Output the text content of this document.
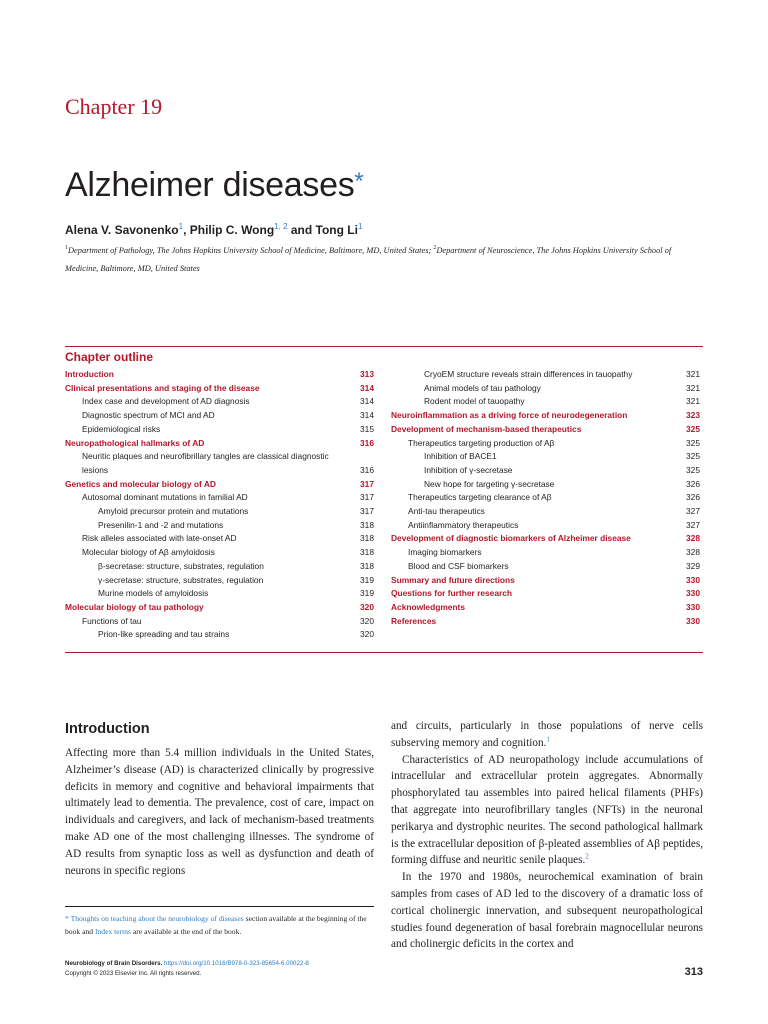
Chapter 19
Alzheimer diseases*
Alena V. Savonenko$^1$, Philip C. Wong$^{1, 2}$ and Tong Li$^1$
$^1$Department of Pathology, The Johns Hopkins University School of Medicine, Baltimore, MD, United States; $^2$Department of Neuroscience, The Johns Hopkins University School of Medicine, Baltimore, MD, United States
Chapter outline
Introduction	313
Clinical presentations and staging of the disease	314
Index case and development of AD diagnosis	314
Diagnostic spectrum of MCI and AD	314
Epidemiological risks	315
Neuropathological hallmarks of AD	316
Neuritic plaques and neurofibrillary tangles are classical diagnostic lesions	316
Genetics and molecular biology of AD	317
Autosomal dominant mutations in familial AD	317
Amyloid precursor protein and mutations	317
Presenilin-1 and -2 and mutations	318
Risk alleles associated with late-onset AD	318
Molecular biology of Aβ amyloidosis	318
β-secretase: structure, substrates, regulation	318
γ-secretase: structure, substrates, regulation	319
Murine models of amyloidosis	319
Molecular biology of tau pathology	320
Functions of tau	320
Prion-like spreading and tau strains	320
CryoEM structure reveals strain differences in tauopathy	321
Animal models of tau pathology	321
Rodent model of tauopathy	321
Neuroinflammation as a driving force of neurodegeneration	323
Development of mechanism-based therapeutics	325
Therapeutics targeting production of Aβ	325
Inhibition of BACE1	325
Inhibition of γ-secretase	325
New hope for targeting γ-secretase	326
Therapeutics targeting clearance of Aβ	326
Anti-tau therapeutics	327
Antiinflammatory therapeutics	327
Development of diagnostic biomarkers of Alzheimer disease	328
Imaging biomarkers	328
Blood and CSF biomarkers	329
Summary and future directions	330
Questions for further research	330
Acknowledgments	330
References	330
Introduction

Affecting more than 5.4 million individuals in the United States, Alzheimer’s disease (AD) is characterized clinically by progressive deficits in memory and cognitive and behavioral impairments that ultimately lead to dementia. The prevalence, cost of care, impact on individuals and caregivers, and lack of mechanism-based treatments make AD one of the most challenging illnesses. The syndrome of AD results from synaptic loss as well as dysfunction and death of neurons in specific regions

and circuits, particularly in those populations of nerve cells subserving memory and cognition.$^1$

Characteristics of AD neuropathology include accumulations of intracellular and extracellular protein aggregates. Abnormally phosphorylated tau assembles into paired helical filaments (PHFs) that aggregate into neurofibrillary tangles (NFTs) in the neuronal perikarya and dystrophic neurites. The second pathological hallmark is the extracellular deposition of β-pleated assemblies of Aβ peptides, forming diffuse and neuritic senile plaques.$^2$

In the 1970 and 1980s, neurochemical examination of brain samples from cases of AD led to the discovery of a dramatic loss of cortical cholinergic innervation, and subsequent neuropathological studies found degeneration of basal forebrain magnocellular neurons and cholinergic deficits in the cortex and

* Thoughts on teaching about the neurobiology of diseases section available at the beginning of the book and Index terms are available at the end of the book.
Neurobiology of Brain Disorders. https://doi.org/10.1016/B978-0-323-85654-6.00022-8
Copyright © 2023 Elsevier Inc. All rights reserved.	313
